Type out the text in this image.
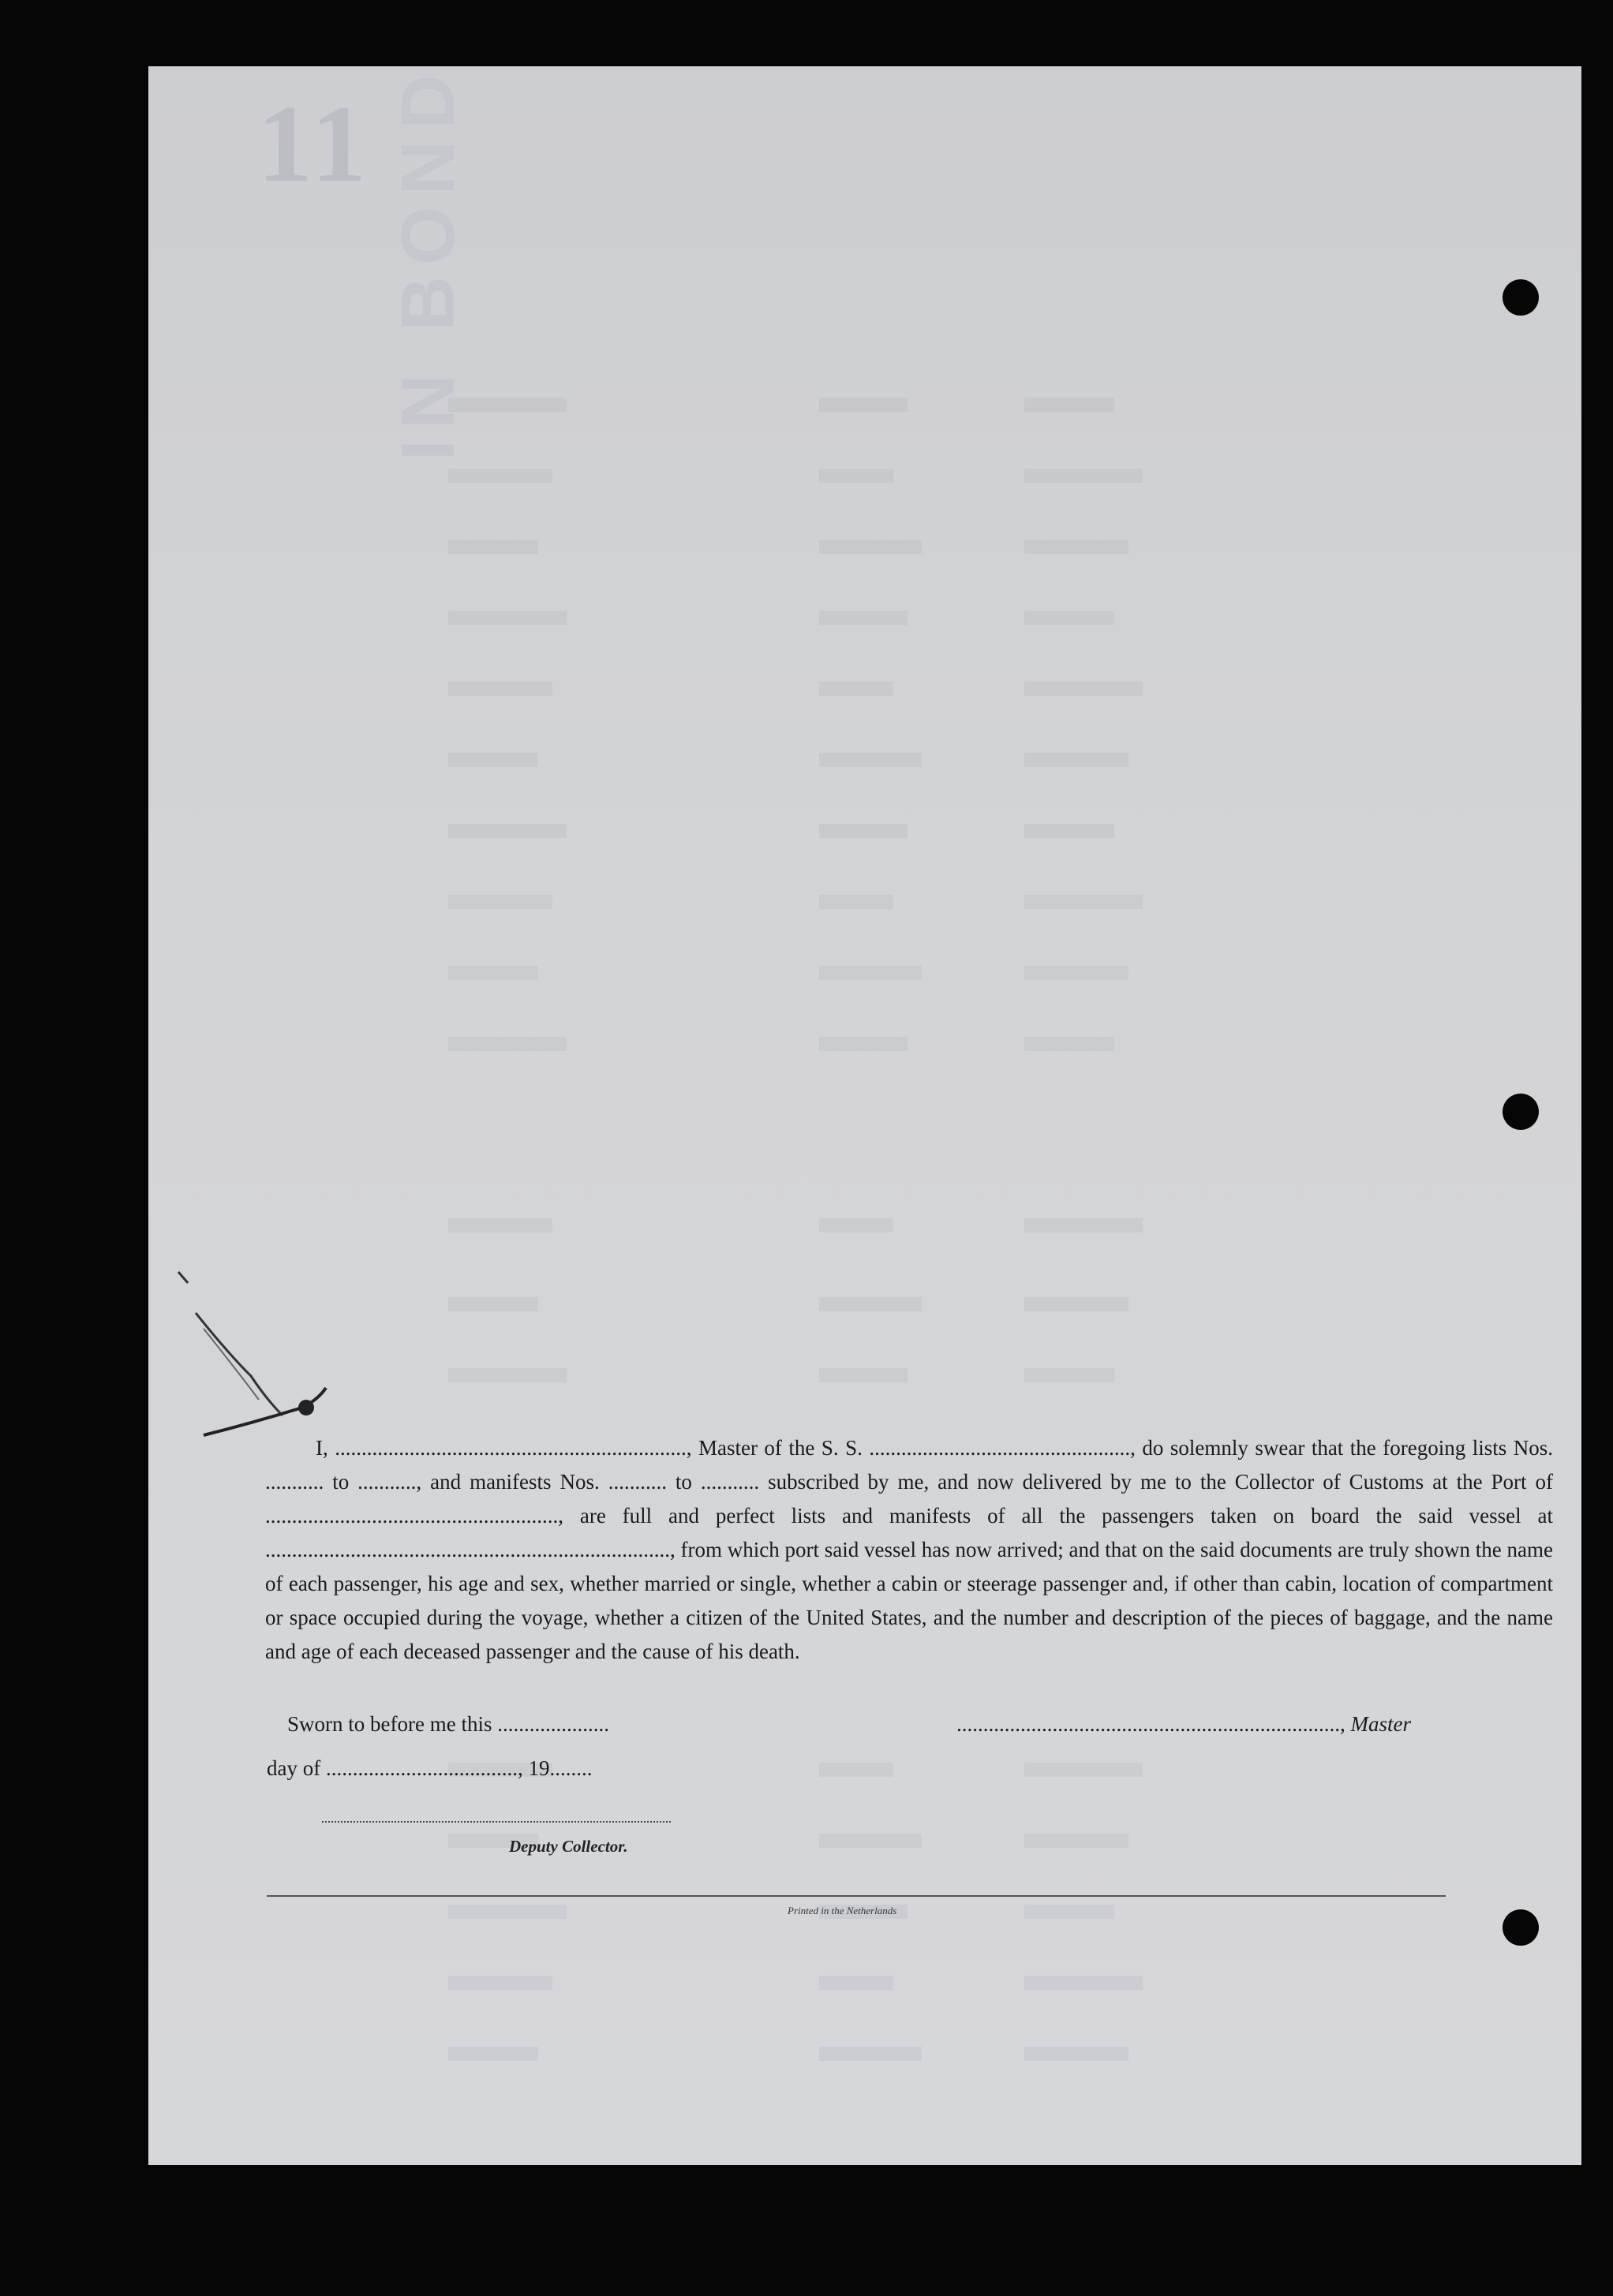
11 IN BOND

I, .................................................................., Master of the S. S. ................................................., do solemnly swear that the foregoing lists Nos. ........... to ..........., and manifests Nos. ........... to ........... subscribed by me, and now delivered by me to the Collector of Customs at the Port of ......................................................., are full and perfect lists and manifests of all the passengers taken on board the said vessel at ............................................................................, from which port said vessel has now arrived; and that on the said documents are truly shown the name of each passenger, his age and sex, whether married or single, whether a cabin or steerage passenger and, if other than cabin, location of compartment or space occupied during the voyage, whether a citizen of the United States, and the number and description of the pieces of baggage, and the name and age of each deceased passenger and the cause of his death.

Sworn to before me this .....................	........................................................................, Master
day of ...................................., 19........
Deputy Collector.
Printed in the Netherlands
